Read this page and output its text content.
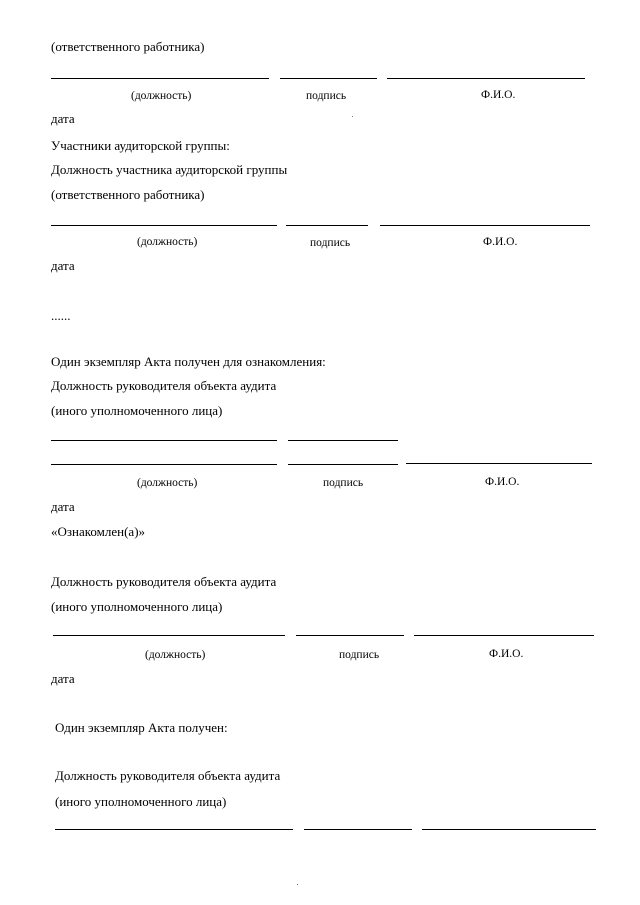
(ответственного работника)
(должность)	подпись	Ф.И.О.
дата
Участники аудиторской группы:
Должность участника аудиторской группы
(ответственного работника)
(должность)	подпись	Ф.И.О.
дата
......
Один экземпляр Акта получен для ознакомления:
Должность руководителя объекта аудита
(иного уполномоченного лица)
(должность)	подпись	Ф.И.О.
дата
«Ознакомлен(а)»
Должность руководителя объекта аудита
(иного уполномоченного лица)
(должность)	подпись	Ф.И.О.
дата
Один экземпляр Акта получен:
Должность руководителя объекта аудита
(иного уполномоченного лица)
